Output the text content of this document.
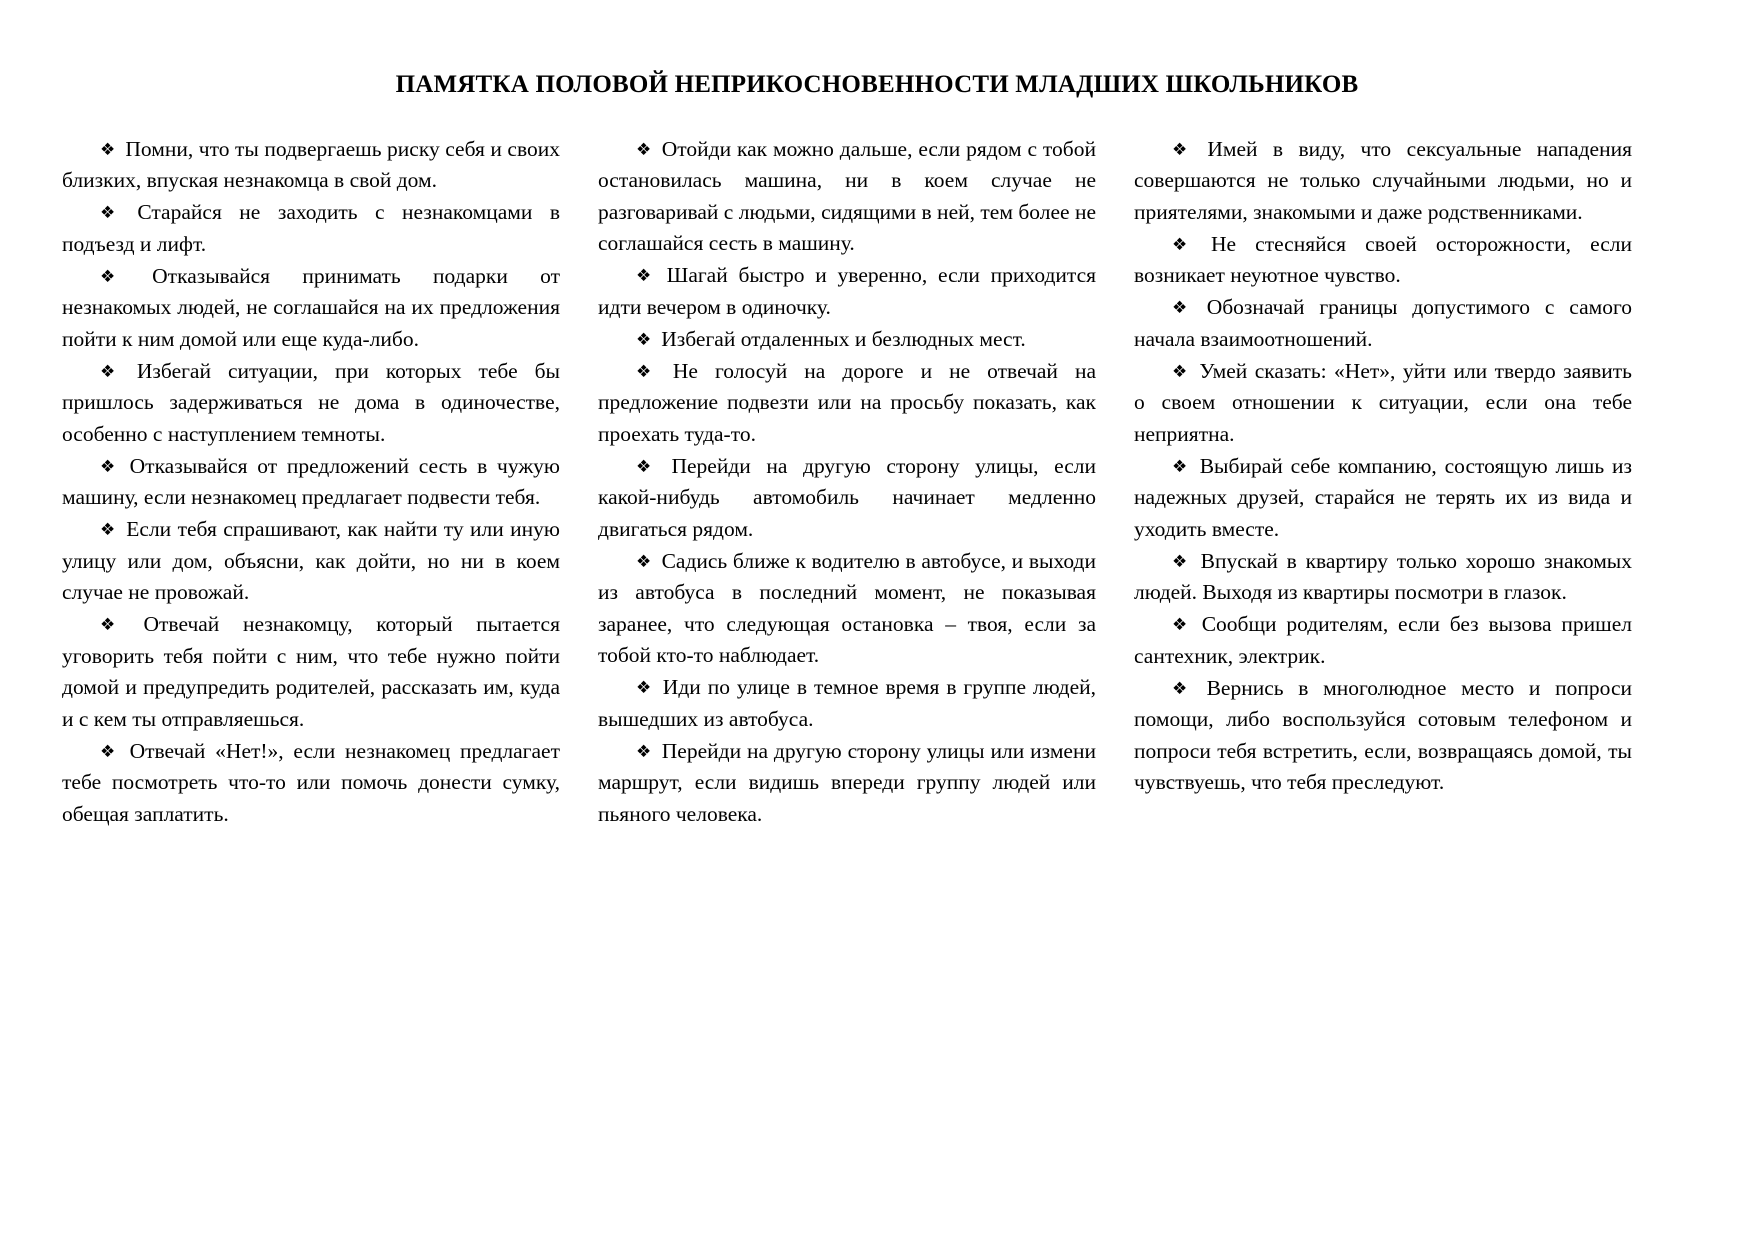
ПАМЯТКА ПОЛОВОЙ НЕПРИКОСНОВЕННОСТИ МЛАДШИХ ШКОЛЬНИКОВ

❖ Помни, что ты подвергаешь риску себя и своих близких, впуская незнакомца в свой дом.

❖ Старайся не заходить с незнакомцами в подъезд и лифт.

❖ Отказывайся принимать подарки от незнакомых людей, не соглашайся на их предложения пойти к ним домой или еще куда-либо.

❖ Избегай ситуации, при которых тебе бы пришлось задерживаться не дома в одиночестве, особенно с наступлением темноты.

❖ Отказывайся от предложений сесть в чужую машину, если незнакомец предлагает подвести тебя.

❖ Если тебя спрашивают, как найти ту или иную улицу или дом, объясни, как дойти, но ни в коем случае не провожай.

❖ Отвечай незнакомцу, который пытается уговорить тебя пойти с ним, что тебе нужно пойти домой и предупредить родителей, рассказать им, куда и с кем ты отправляешься.

❖ Отвечай «Нет!», если незнакомец предлагает тебе посмотреть что-то или помочь донести сумку, обещая заплатить.

❖ Отойди как можно дальше, если рядом с тобой остановилась машина, ни в коем случае не разговаривай с людьми, сидящими в ней, тем более не соглашайся сесть в машину.

❖ Шагай быстро и уверенно, если приходится идти вечером в одиночку.

❖ Избегай отдаленных и безлюдных мест.

❖ Не голосуй на дороге и не отвечай на предложение подвезти или на просьбу показать, как проехать туда-то.

❖ Перейди на другую сторону улицы, если какой-нибудь автомобиль начинает медленно двигаться рядом.

❖ Садись ближе к водителю в автобусе, и выходи из автобуса в последний момент, не показывая заранее, что следующая остановка – твоя, если за тобой кто-то наблюдает.

❖ Иди по улице в темное время в группе людей, вышедших из автобуса.

❖ Перейди на другую сторону улицы или измени маршрут, если видишь впереди группу людей или пьяного человека.

❖ Имей в виду, что сексуальные нападения совершаются не только случайными людьми, но и приятелями, знакомыми и даже родственниками.

❖ Не стесняйся своей осторожности, если возникает неуютное чувство.

❖ Обозначай границы допустимого с самого начала взаимоотношений.

❖ Умей сказать: «Нет», уйти или твердо заявить о своем отношении к ситуации, если она тебе неприятна.

❖ Выбирай себе компанию, состоящую лишь из надежных друзей, старайся не терять их из вида и уходить вместе.

❖ Впускай в квартиру только хорошо знакомых людей. Выходя из квартиры посмотри в глазок.

❖ Сообщи родителям, если без вызова пришел сантехник, электрик.

❖ Вернись в многолюдное место и попроси помощи, либо воспользуйся сотовым телефоном и попроси тебя встретить, если, возвращаясь домой, ты чувствуешь, что тебя преследуют.
